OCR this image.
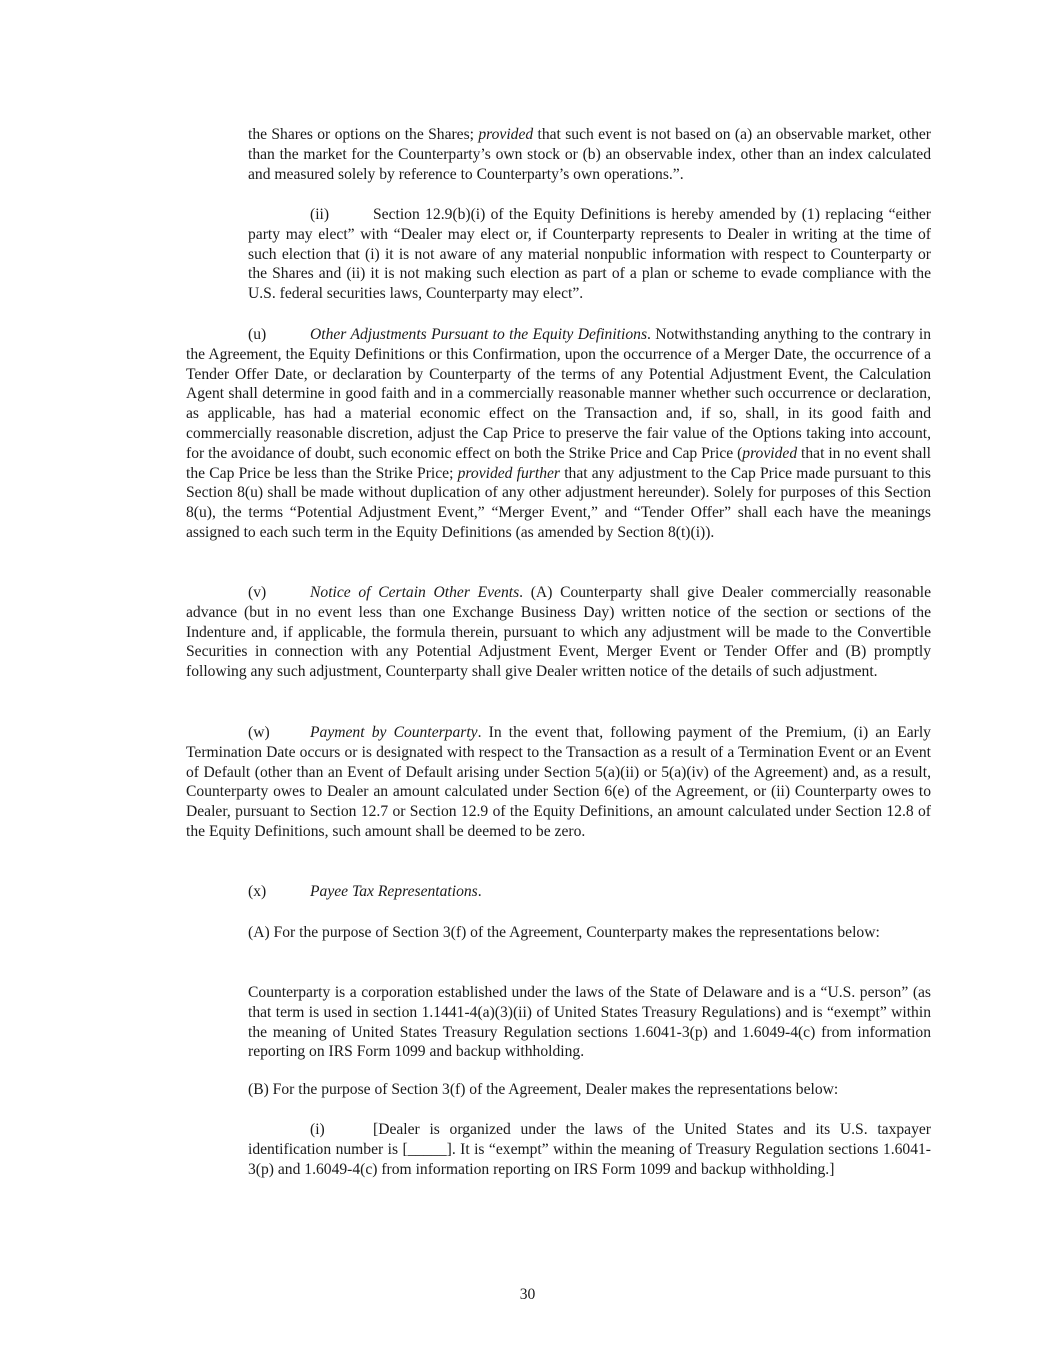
the Shares or options on the Shares; provided that such event is not based on (a) an observable market, other than the market for the Counterparty’s own stock or (b) an observable index, other than an index calculated and measured solely by reference to Counterparty’s own operations.”.

(ii)	Section 12.9(b)(i) of the Equity Definitions is hereby amended by (1) replacing “either party may elect” with “Dealer may elect or, if Counterparty represents to Dealer in writing at the time of such election that (i) it is not aware of any material nonpublic information with respect to Counterparty or the Shares and (ii) it is not making such election as part of a plan or scheme to evade compliance with the U.S. federal securities laws, Counterparty may elect”.

(u)	Other Adjustments Pursuant to the Equity Definitions. Notwithstanding anything to the contrary in the Agreement, the Equity Definitions or this Confirmation, upon the occurrence of a Merger Date, the occurrence of a Tender Offer Date, or declaration by Counterparty of the terms of any Potential Adjustment Event, the Calculation Agent shall determine in good faith and in a commercially reasonable manner whether such occurrence or declaration, as applicable, has had a material economic effect on the Transaction and, if so, shall, in its good faith and commercially reasonable discretion, adjust the Cap Price to preserve the fair value of the Options taking into account, for the avoidance of doubt, such economic effect on both the Strike Price and Cap Price (provided that in no event shall the Cap Price be less than the Strike Price; provided further that any adjustment to the Cap Price made pursuant to this Section 8(u) shall be made without duplication of any other adjustment hereunder). Solely for purposes of this Section 8(u), the terms “Potential Adjustment Event,” “Merger Event,” and “Tender Offer” shall each have the meanings assigned to each such term in the Equity Definitions (as amended by Section 8(t)(i)).

(v)	Notice of Certain Other Events. (A) Counterparty shall give Dealer commercially reasonable advance (but in no event less than one Exchange Business Day) written notice of the section or sections of the Indenture and, if applicable, the formula therein, pursuant to which any adjustment will be made to the Convertible Securities in connection with any Potential Adjustment Event, Merger Event or Tender Offer and (B) promptly following any such adjustment, Counterparty shall give Dealer written notice of the details of such adjustment.

(w)	Payment by Counterparty. In the event that, following payment of the Premium, (i) an Early Termination Date occurs or is designated with respect to the Transaction as a result of a Termination Event or an Event of Default (other than an Event of Default arising under Section 5(a)(ii) or 5(a)(iv) of the Agreement) and, as a result, Counterparty owes to Dealer an amount calculated under Section 6(e) of the Agreement, or (ii) Counterparty owes to Dealer, pursuant to Section 12.7 or Section 12.9 of the Equity Definitions, an amount calculated under Section 12.8 of the Equity Definitions, such amount shall be deemed to be zero.

(x)	Payee Tax Representations.

(A) For the purpose of Section 3(f) of the Agreement, Counterparty makes the representations below:

Counterparty is a corporation established under the laws of the State of Delaware and is a “U.S. person” (as that term is used in section 1.1441-4(a)(3)(ii) of United States Treasury Regulations) and is “exempt” within the meaning of United States Treasury Regulation sections 1.6041-3(p) and 1.6049-4(c) from information reporting on IRS Form 1099 and backup withholding.

(B) For the purpose of Section 3(f) of the Agreement, Dealer makes the representations below:

(i)	[Dealer is organized under the laws of the United States and its U.S. taxpayer identification number is [_____]. It is “exempt” within the meaning of Treasury Regulation sections 1.6041-3(p) and 1.6049-4(c) from information reporting on IRS Form 1099 and backup withholding.]

30
